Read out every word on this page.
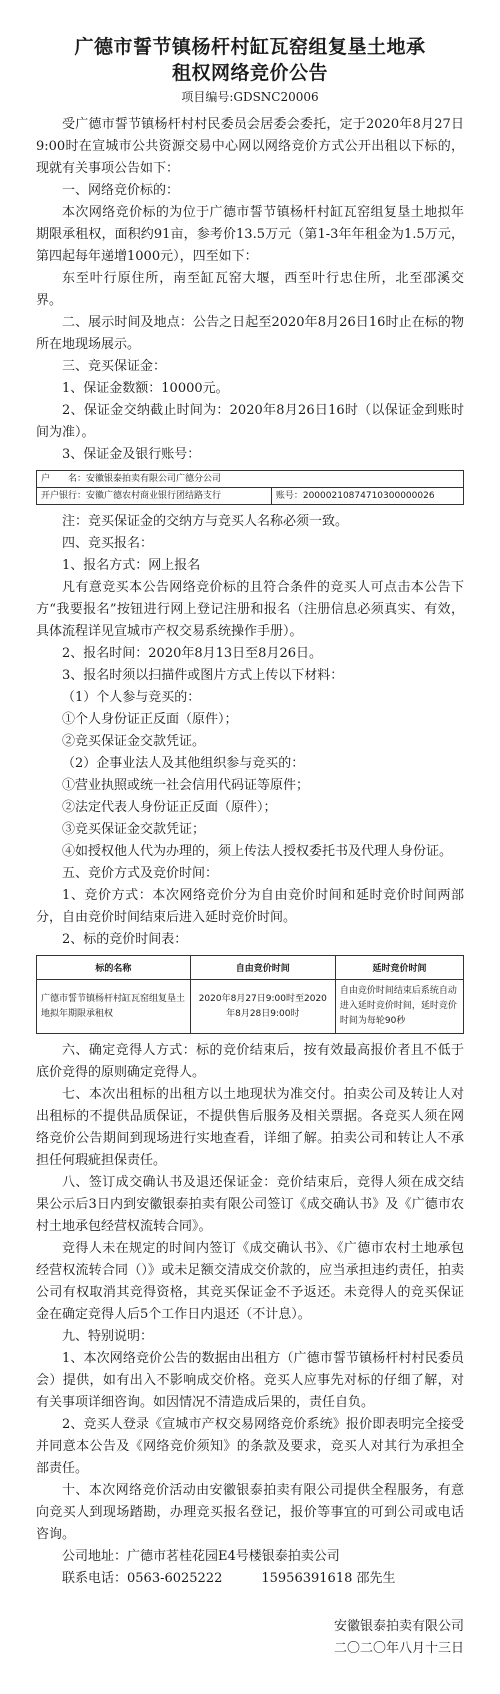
广德市誓节镇杨杆村缸瓦窑组复垦土地承
租权网络竞价公告
项目编号:GDSNC20006

受广德市誓节镇杨杆村村民委员会居委会委托，定于2020年8月27日9:00时在宣城市公共资源交易中心网以网络竞价方式公开出租以下标的，现就有关事项公告如下：

一、网络竞价标的：

本次网络竞价标的为位于广德市誓节镇杨杆村缸瓦窑组复垦土地拟年期限承租权，面积约91亩，参考价13.5万元（第1-3年年租金为1.5万元，第四起每年递增1000元），四至如下：

东至叶行原住所，南至缸瓦窑大堰，西至叶行忠住所，北至邵溪交界。

二、展示时间及地点：公告之日起至2020年8月26日16时止在标的物所在地现场展示。

三、竞买保证金：

1、保证金数额：10000元。

2、保证金交纳截止时间为：2020年8月26日16时（以保证金到账时间为准）。

3、保证金及银行账号：

户　　名：安徽银泰拍卖有限公司广德分公司
开户银行：安徽广德农村商业银行团结路支行	账号：20000210874710300000026

注：竞买保证金的交纳方与竞买人名称必须一致。

四、竞买报名：

1、报名方式：网上报名

凡有意竞买本公告网络竞价标的且符合条件的竞买人可点击本公告下方“我要报名”按钮进行网上登记注册和报名（注册信息必须真实、有效，具体流程详见宣城市产权交易系统操作手册）。

2、报名时间：2020年8月13日至8月26日。

3、报名时须以扫描件或图片方式上传以下材料：

（1）个人参与竞买的：

①个人身份证正反面（原件）；

②竞买保证金交款凭证。

（2）企事业法人及其他组织参与竞买的：

①营业执照或统一社会信用代码证等原件；

②法定代表人身份证正反面（原件）；

③竞买保证金交款凭证；

④如授权他人代为办理的，须上传法人授权委托书及代理人身份证。

五、竞价方式及竞价时间：

1、竞价方式：本次网络竞价分为自由竞价时间和延时竞价时间两部分，自由竞价时间结束后进入延时竞价时间。

2、标的竞价时间表：

标的名称	自由竞价时间	延时竞价时间
广德市誓节镇杨杆村缸瓦窑组复垦土地拟年期限承租权	2020年8月27日9:00时至2020年8月28日9:00时	自由竞价时间结束后系统自动进入延时竞价时间，延时竞价时间为每轮90秒

六、确定竞得人方式：标的竞价结束后，按有效最高报价者且不低于底价竞得的原则确定竞得人。

七、本次出租标的出租方以土地现状为准交付。拍卖公司及转让人对出租标的不提供品质保证，不提供售后服务及相关票据。各竞买人须在网络竞价公告期间到现场进行实地查看，详细了解。拍卖公司和转让人不承担任何瑕疵担保责任。

八、签订成交确认书及退还保证金：竞价结束后，竞得人须在成交结果公示后3日内到安徽银泰拍卖有限公司签订《成交确认书》及《广德市农村土地承包经营权流转合同》。

竞得人未在规定的时间内签订《成交确认书》、《广德市农村土地承包经营权流转合同（）》或未足额交清成交价款的，应当承担违约责任，拍卖公司有权取消其竞得资格，其竞买保证金不予返还。未竞得人的竞买保证金在确定竞得人后5个工作日内退还（不计息）。

九、特别说明：

1、本次网络竞价公告的数据由出租方（广德市誓节镇杨杆村村民委员会）提供，如有出入不影响成交价格。竞买人应事先对标的仔细了解，对有关事项详细咨询。如因情况不清造成后果的，责任自负。

2、竞买人登录《宣城市产权交易网络竞价系统》报价即表明完全接受并同意本公告及《网络竞价须知》的条款及要求，竞买人对其行为承担全部责任。

十、本次网络竞价活动由安徽银泰拍卖有限公司提供全程服务，有意向竞买人到现场踏勘，办理竞买报名登记，报价等事宜的可到公司或电话咨询。

公司地址：广德市茗桂花园E4号楼银泰拍卖公司

联系电话：0563-6025222　　　15956391618 邵先生

安徽银泰拍卖有限公司

二〇二〇年八月十三日
